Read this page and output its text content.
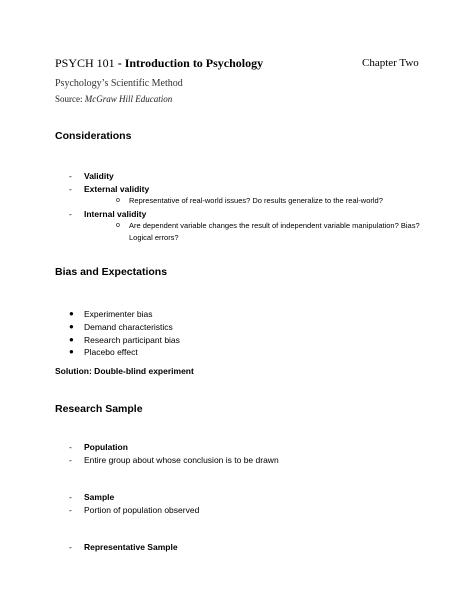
PSYCH 101 - Introduction to Psychology	Chapter Two
Psychology’s Scientific Method
Source: McGraw Hill Education
Considerations
- Validity
- External validity
o Representative of real-world issues? Do results generalize to the real-world?
- Internal validity
o Are dependent variable changes the result of independent variable manipulation? Bias?
Logical errors?
Bias and Expectations
● Experimenter bias
● Demand characteristics
● Research participant bias
● Placebo effect
Solution: Double-blind experiment
Research Sample
- Population
- Entire group about whose conclusion is to be drawn
- Sample
- Portion of population observed
- Representative Sample
